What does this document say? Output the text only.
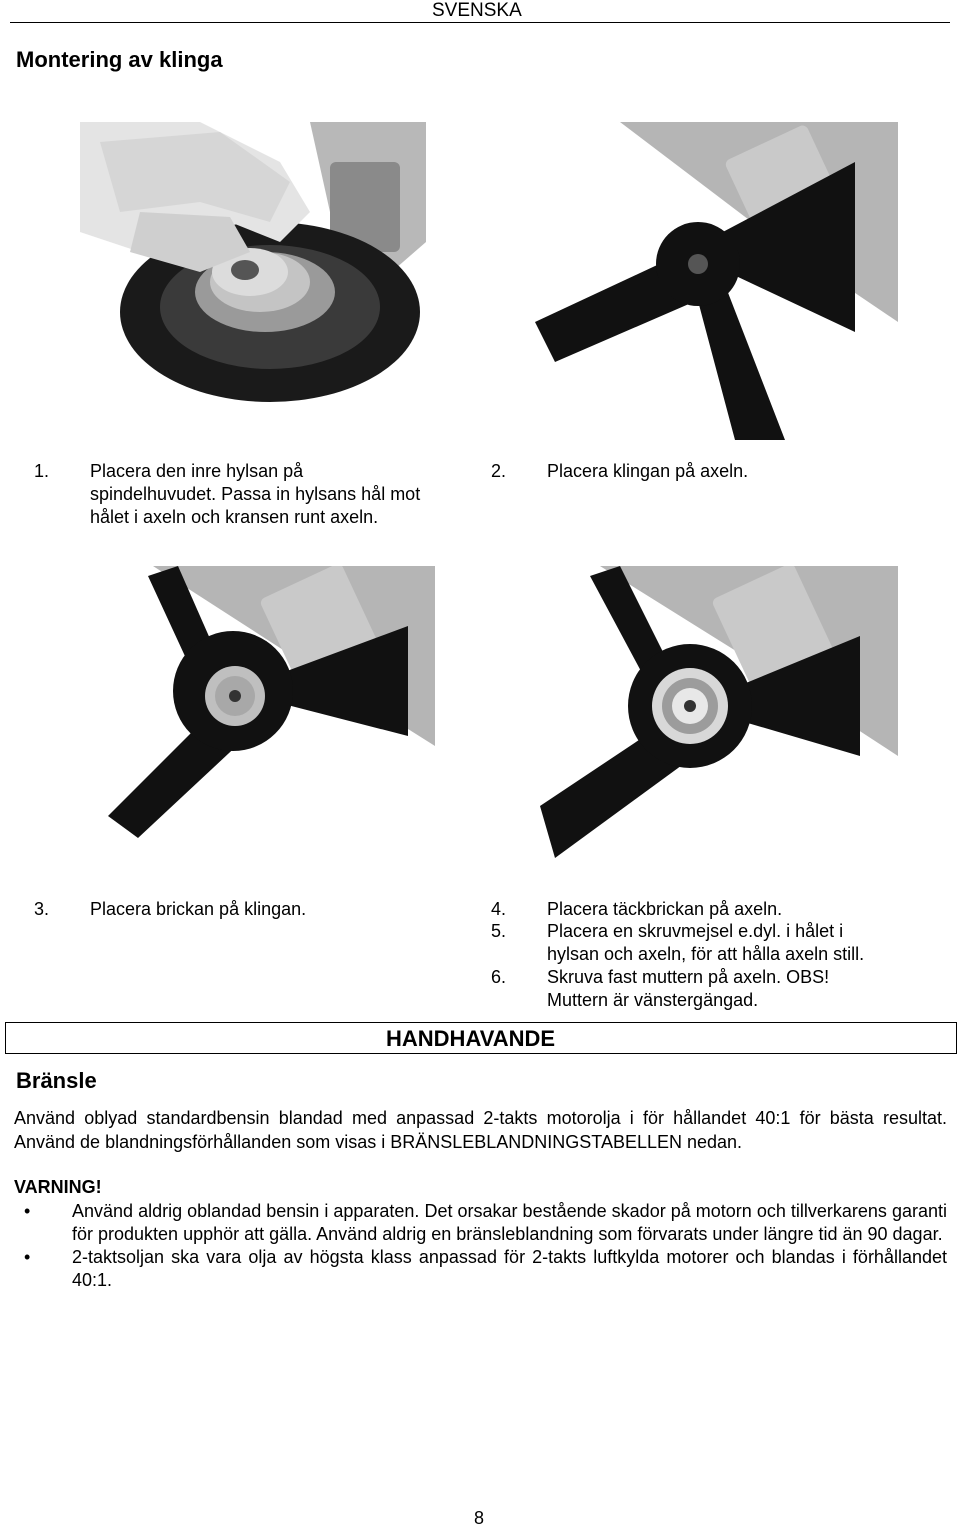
SVENSKA
Montering av klinga
1. Placera den inre hylsan på
spindelhuvudet. Passa in hylsans hål mot
hålet i axeln och kransen runt axeln.
2. Placera klingan på axeln.
3. Placera brickan på klingan.	4. Placera täckbrickan på axeln.
5. Placera en skruvmejsel e.dyl. i hålet i
hylsan och axeln, för att hålla axeln still.
6. Skruva fast muttern på axeln. OBS!
Muttern är vänstergängad.
HANDHAVANDE
Bränsle
Använd oblyad standardbensin blandad med anpassad 2-takts motorolja i för hållandet 40:1 för bästa resultat. Använd de blandningsförhållanden som visas i BRÄNSLEBLANDNINGSTABELLEN nedan.
VARNING!
• Använd aldrig oblandad bensin i apparaten. Det orsakar bestående skador på motorn och tillverkarens garanti för produkten upphör att gälla. Använd aldrig en bränsleblandning som förvarats under längre tid än 90 dagar.
• 2-taktsoljan ska vara olja av högsta klass anpassad för 2-takts luftkylda motorer och blandas i förhållandet 40:1.
8
